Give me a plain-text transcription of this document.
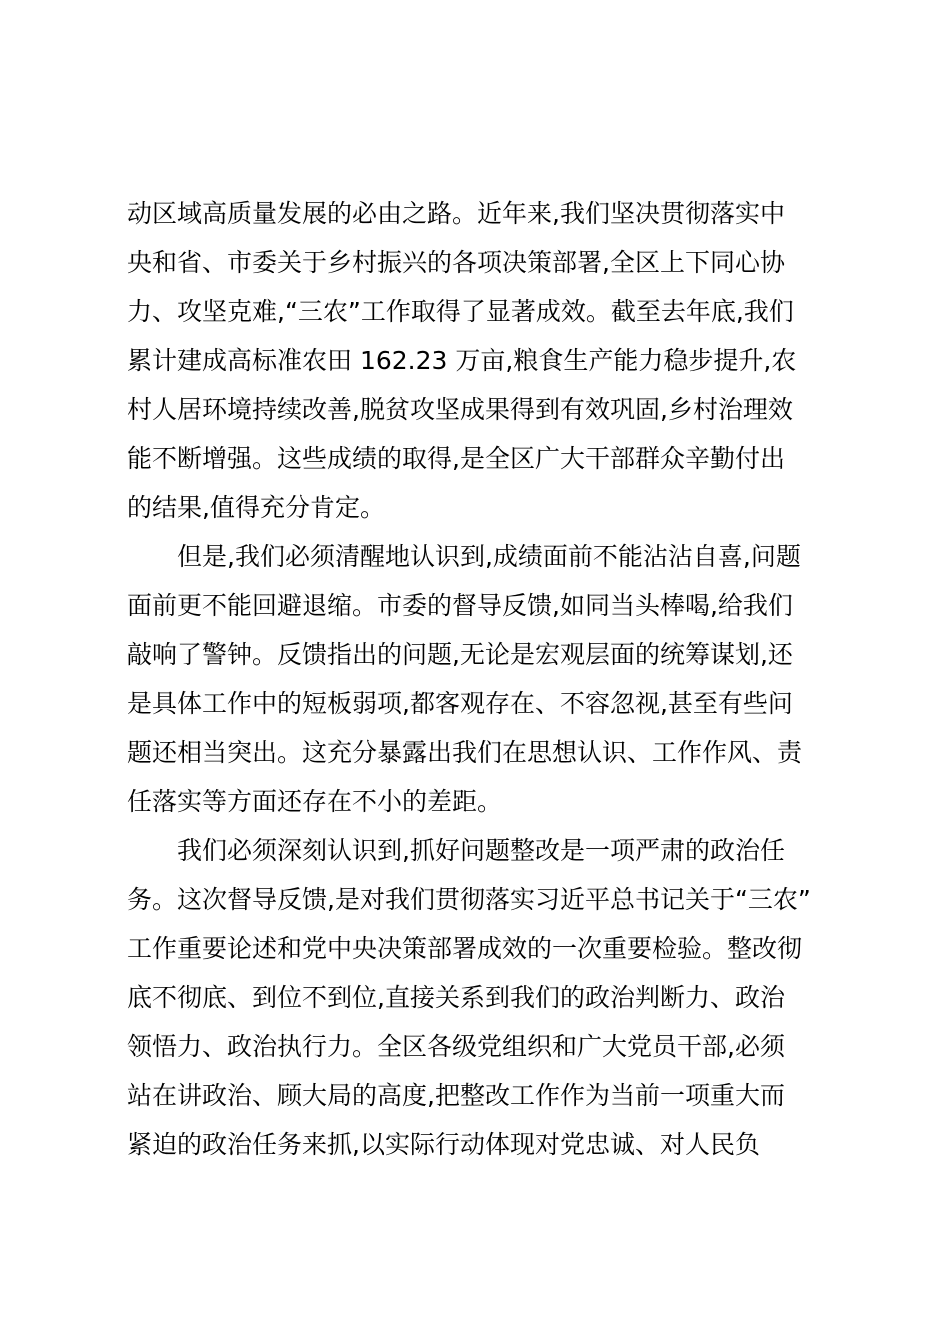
动区域高质量发展的必由之路。近年来,我们坚决贯彻落实中
央和省、市委关于乡村振兴的各项决策部署,全区上下同心协
力、攻坚克难,“三农”工作取得了显著成效。截至去年底,我们
累计建成高标准农田 162.23 万亩,粮食生产能力稳步提升,农
村人居环境持续改善,脱贫攻坚成果得到有效巩固,乡村治理效
能不断增强。这些成绩的取得,是全区广大干部群众辛勤付出
的结果,值得充分肯定。
但是,我们必须清醒地认识到,成绩面前不能沾沾自喜,问题
面前更不能回避退缩。市委的督导反馈,如同当头棒喝,给我们
敲响了警钟。反馈指出的问题,无论是宏观层面的统筹谋划,还
是具体工作中的短板弱项,都客观存在、不容忽视,甚至有些问
题还相当突出。这充分暴露出我们在思想认识、工作作风、责
任落实等方面还存在不小的差距。
我们必须深刻认识到,抓好问题整改是一项严肃的政治任
务。这次督导反馈,是对我们贯彻落实习近平总书记关于“三农”
工作重要论述和党中央决策部署成效的一次重要检验。整改彻
底不彻底、到位不到位,直接关系到我们的政治判断力、政治
领悟力、政治执行力。全区各级党组织和广大党员干部,必须
站在讲政治、顾大局的高度,把整改工作作为当前一项重大而
紧迫的政治任务来抓,以实际行动体现对党忠诚、对人民负
